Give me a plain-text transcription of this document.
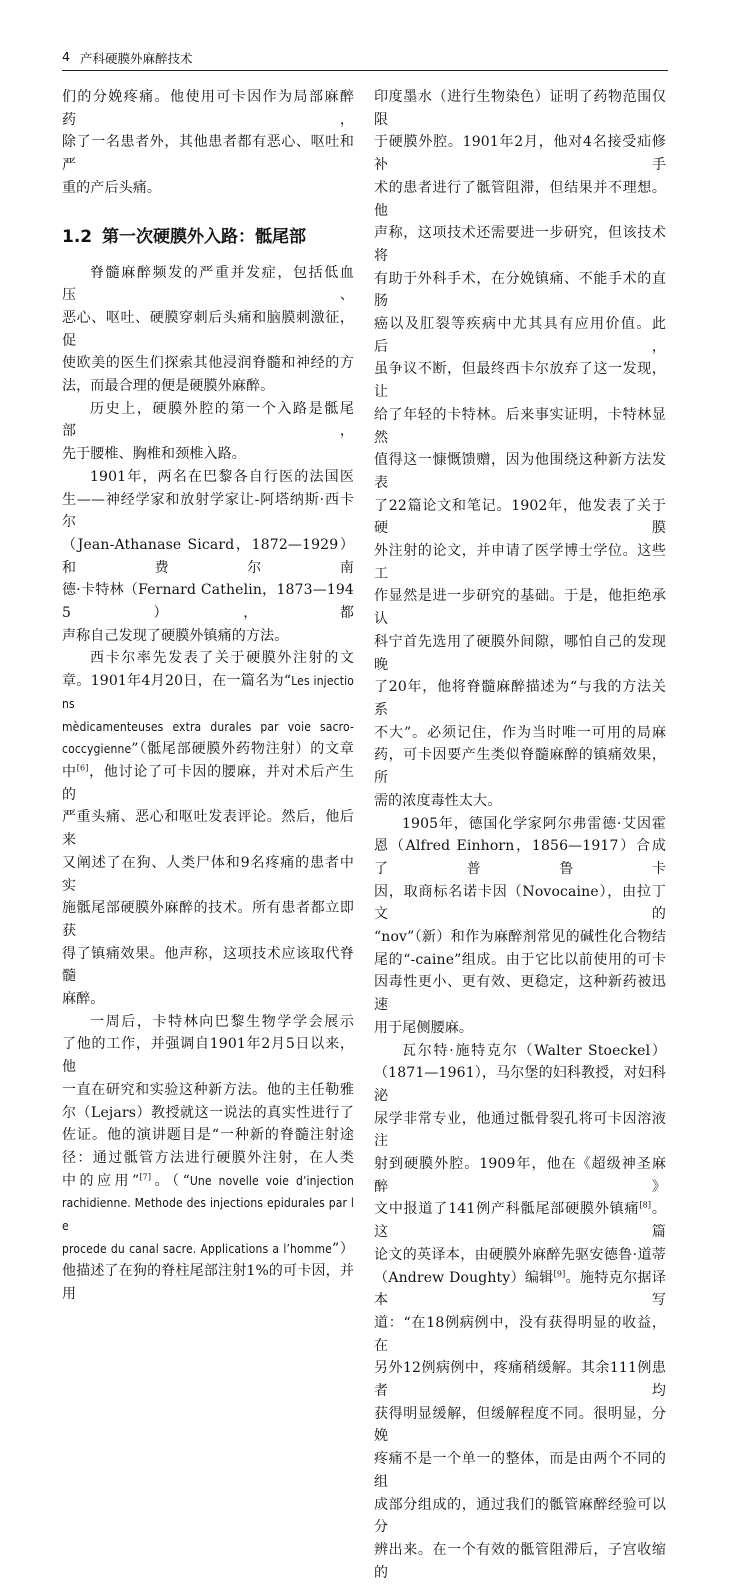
4 产科硬膜外麻醉技术

们的分娩疼痛。他使用可卡因作为局部麻醉药，

除了一名患者外，其他患者都有恶心、呕吐和严

重的产后头痛。

1.2 第一次硬膜外入路：骶尾部

脊髓麻醉频发的严重并发症，包括低血压、

恶心、呕吐、硬膜穿刺后头痛和脑膜刺激征，促

使欧美的医生们探索其他浸润脊髓和神经的方

法，而最合理的便是硬膜外麻醉。

历史上，硬膜外腔的第一个入路是骶尾部，

先于腰椎、胸椎和颈椎入路。

1901年，两名在巴黎各自行医的法国医

生——神经学家和放射学家让-阿塔纳斯·西卡尔

（Jean-Athanase Sicard，1872—1929）和费尔南

德·卡特林（Fernard Cathelin，1873—1945），都

声称自己发现了硬膜外镇痛的方法。

西卡尔率先发表了关于硬膜外注射的文

章。1901年4月20日，在一篇名为“Les injections

mèdicamenteuses extra durales par voie sacro-

coccygienne”（骶尾部硬膜外药物注射）的文章

中[6]，他讨论了可卡因的腰麻，并对术后产生的

严重头痛、恶心和呕吐发表评论。然后，他后来

又阐述了在狗、人类尸体和9名疼痛的患者中实

施骶尾部硬膜外麻醉的技术。所有患者都立即获

得了镇痛效果。他声称，这项技术应该取代脊髓

麻醉。

一周后，卡特林向巴黎生物学学会展示

了他的工作，并强调自1901年2月5日以来，他

一直在研究和实验这种新方法。他的主任勒雅

尔（Lejars）教授就这一说法的真实性进行了

佐证。他的演讲题目是“一种新的脊髓注射途

径：通过骶管方法进行硬膜外注射，在人类

中的应用”[7]。（“Une novelle voie d’injection

rachidienne. Methode des injections epidurales par le

procede du canal sacre. Applications a l’homme”）

他描述了在狗的脊柱尾部注射1%的可卡因，并用

印度墨水（进行生物染色）证明了药物范围仅限

于硬膜外腔。1901年2月，他对4名接受疝修补手

术的患者进行了骶管阻滞，但结果并不理想。他

声称，这项技术还需要进一步研究，但该技术将

有助于外科手术，在分娩镇痛、不能手术的直肠

癌以及肛裂等疾病中尤其具有应用价值。此后，

虽争议不断，但最终西卡尔放弃了这一发现，让

给了年轻的卡特林。后来事实证明，卡特林显然

值得这一慷慨馈赠，因为他围绕这种新方法发表

了22篇论文和笔记。1902年，他发表了关于硬膜

外注射的论文，并申请了医学博士学位。这些工

作显然是进一步研究的基础。于是，他拒绝承认

科宁首先选用了硬膜外间隙，哪怕自己的发现晚

了20年，他将脊髓麻醉描述为“与我的方法关系

不大”。必须记住，作为当时唯一可用的局麻

药，可卡因要产生类似脊髓麻醉的镇痛效果，所

需的浓度毒性太大。

1905年，德国化学家阿尔弗雷德·艾因霍

恩（Alfred Einhorn，1856—1917）合成了普鲁卡

因，取商标名诺卡因（Novocaine），由拉丁文的

“nov”（新）和作为麻醉剂常见的碱性化合物结

尾的“-caine”组成。由于它比以前使用的可卡

因毒性更小、更有效、更稳定，这种新药被迅速

用于尾侧腰麻。

瓦尔特·施特克尔（Walter Stoeckel）

（1871—1961），马尔堡的妇科教授，对妇科泌

尿学非常专业，他通过骶骨裂孔将可卡因溶液注

射到硬膜外腔。1909年，他在《超级神圣麻醉》

文中报道了141例产科骶尾部硬膜外镇痛[8]。这篇

论文的英译本，由硬膜外麻醉先驱安德鲁·道蒂

（Andrew Doughty）编辑[9]。施特克尔据译本写

道：“在18例病例中，没有获得明显的收益，在

另外12例病例中，疼痛稍缓解。其余111例患者均

获得明显缓解，但缓解程度不同。很明显，分娩

疼痛不是一个单一的整体，而是由两个不同的组

成部分组成的，通过我们的骶管麻醉经验可以分

辨出来。在一个有效的骶管阻滞后，子宫收缩的
